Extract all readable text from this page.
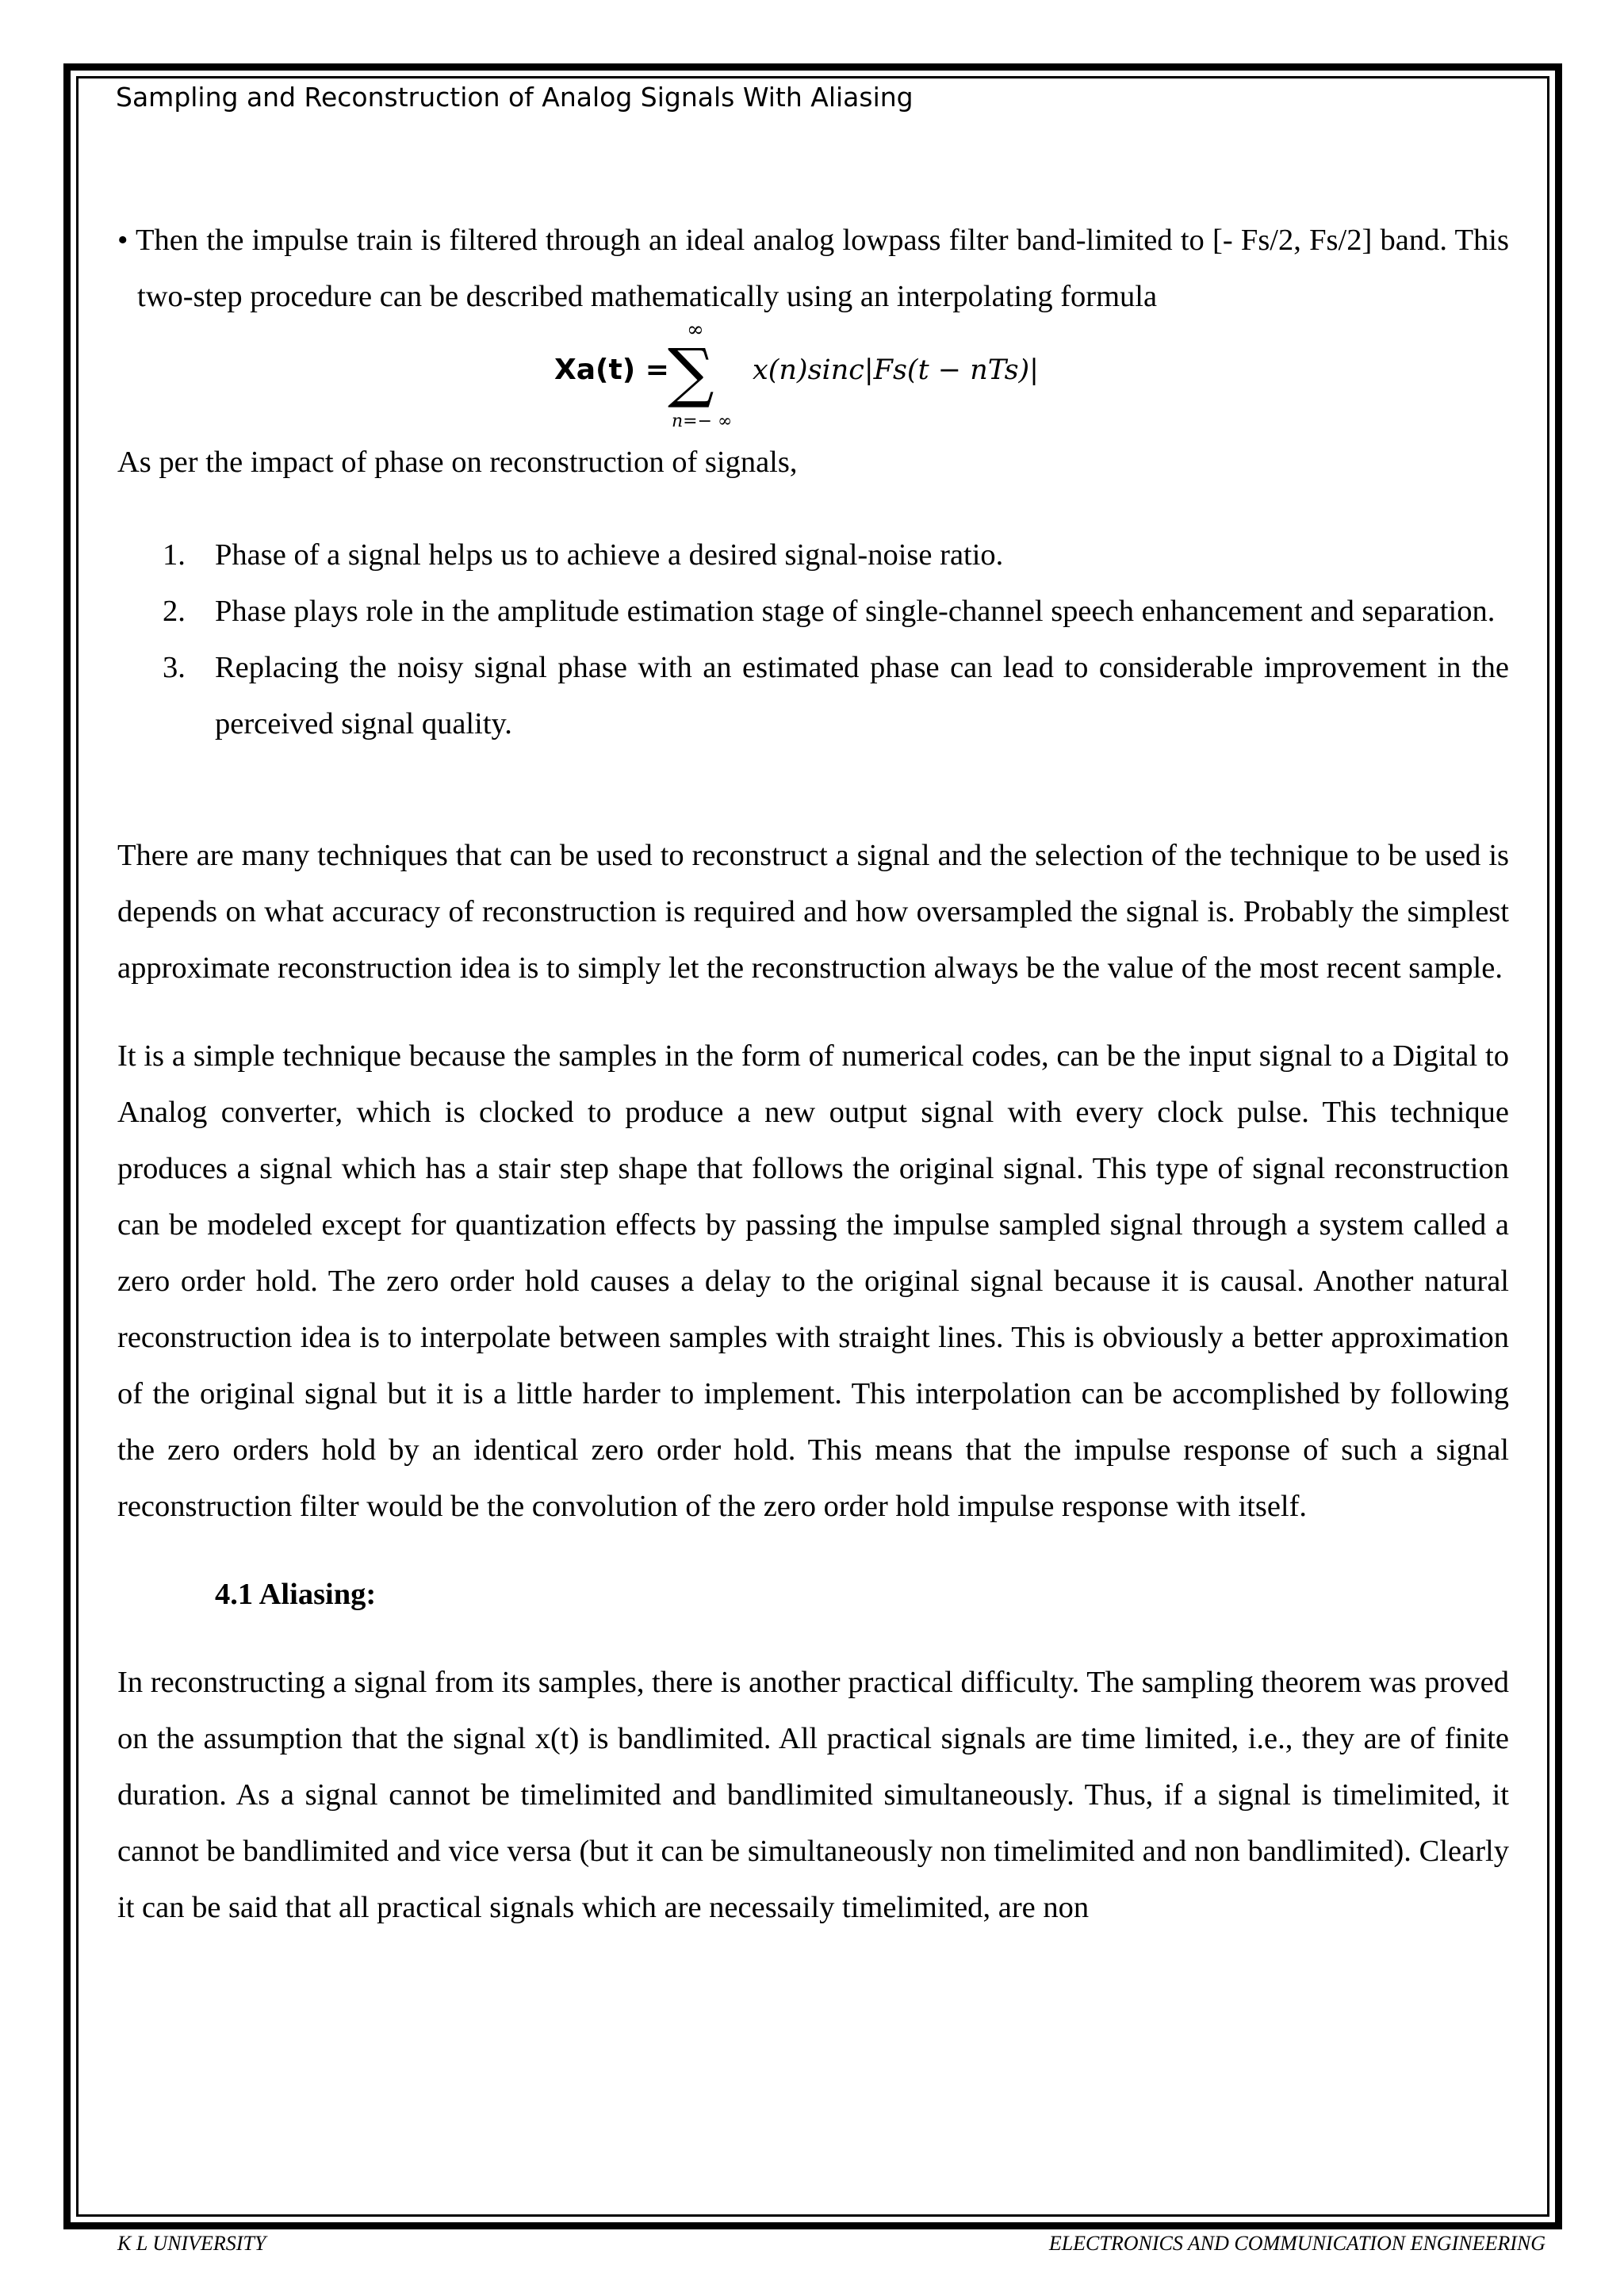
Sampling and Reconstruction of Analog Signals With Aliasing

• Then the impulse train is filtered through an ideal analog lowpass filter band-limited to [- Fs/2, Fs/2] band. This two-step procedure can be described mathematically using an interpolating formula

Xa(t) =
∞
∑
n=− ∞
x(n)sinc|Fs(t − nTs)|

As per the impact of phase on reconstruction of signals,

1. Phase of a signal helps us to achieve a desired signal-noise ratio.
2. Phase plays role in the amplitude estimation stage of single-channel speech enhancement and separation.
3. Replacing the noisy signal phase with an estimated phase can lead to considerable improvement in the perceived signal quality.

There are many techniques that can be used to reconstruct a signal and the selection of the technique to be used is depends on what accuracy of reconstruction is required and how oversampled the signal is. Probably the simplest approximate reconstruction idea is to simply let the reconstruction always be the value of the most recent sample.

It is a simple technique because the samples in the form of numerical codes, can be the input signal to a Digital to Analog converter, which is clocked to produce a new output signal with every clock pulse. This technique produces a signal which has a stair step shape that follows the original signal. This type of signal reconstruction can be modeled except for quantization effects by passing the impulse sampled signal through a system called a zero order hold. The zero order hold causes a delay to the original signal because it is causal. Another natural reconstruction idea is to interpolate between samples with straight lines. This is obviously a better approximation of the original signal but it is a little harder to implement. This interpolation can be accomplished by following the zero orders hold by an identical zero order hold. This means that the impulse response of such a signal reconstruction filter would be the convolution of the zero order hold impulse response with itself.

4.1 Aliasing:

In reconstructing a signal from its samples, there is another practical difficulty. The sampling theorem was proved on the assumption that the signal x(t) is bandlimited. All practical signals are time limited, i.e., they are of finite duration. As a signal cannot be timelimited and bandlimited simultaneously. Thus, if a signal is timelimited, it cannot be bandlimited and vice versa (but it can be simultaneously non timelimited and non bandlimited). Clearly it can be said that all practical signals which are necessaily timelimited, are non

K L UNIVERSITY	ELECTRONICS AND COMMUNICATION ENGINEERING
